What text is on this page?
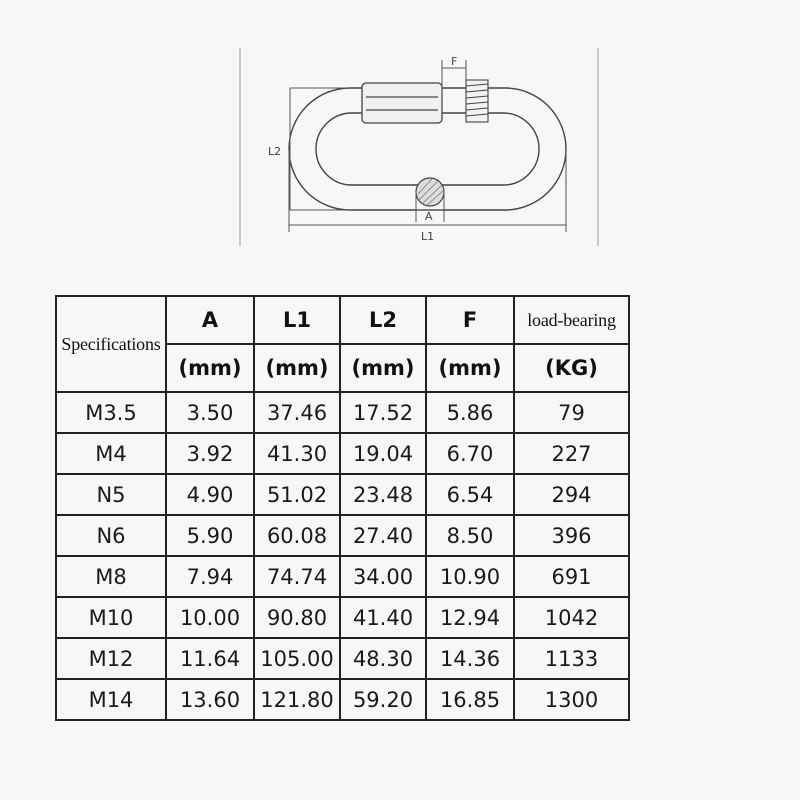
F
L2
A
L1
Specifications	A	L1	L2	F	load-bearing
	(mm)	(mm)	(mm)	(mm)	(KG)
M3.5	3.50	37.46	17.52	5.86	79
M4	3.92	41.30	19.04	6.70	227
N5	4.90	51.02	23.48	6.54	294
N6	5.90	60.08	27.40	8.50	396
M8	7.94	74.74	34.00	10.90	691
M10	10.00	90.80	41.40	12.94	1042
M12	11.64	105.00	48.30	14.36	1133
M14	13.60	121.80	59.20	16.85	1300
